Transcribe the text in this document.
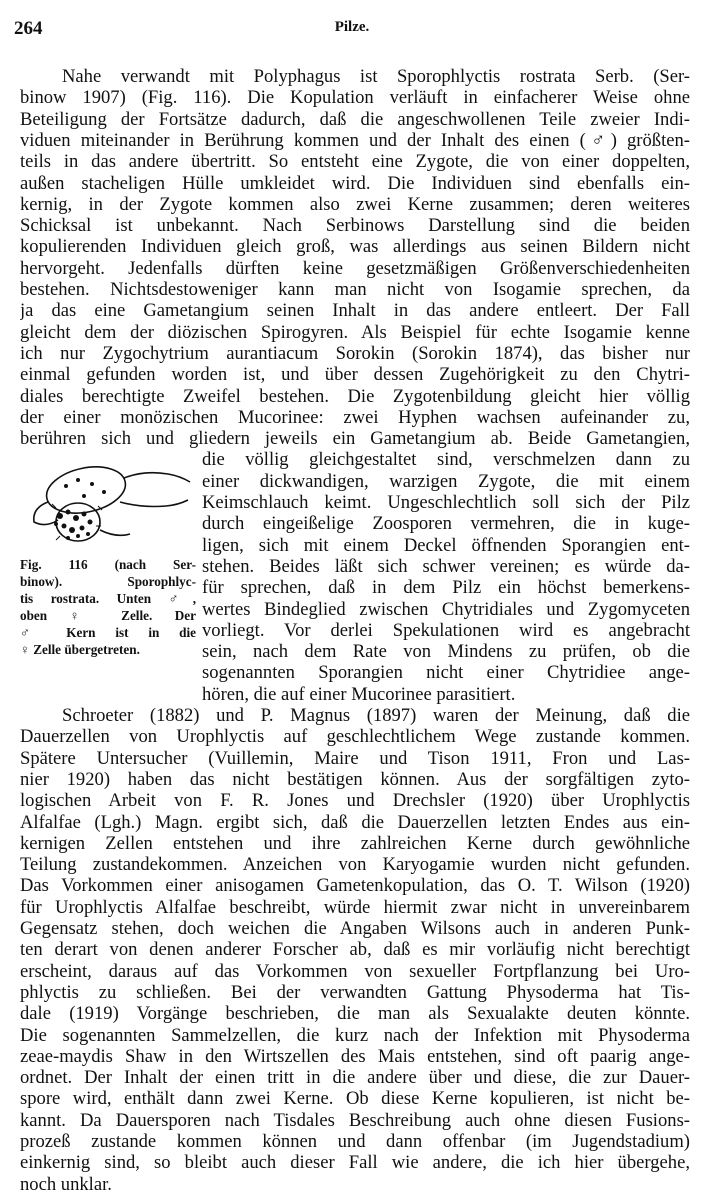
264	Pilze.
Nahe verwandt mit Polyphagus ist Sporophlyctis rostrata Serb. (Ser-
binow 1907) (Fig. 116). Die Kopulation verläuft in einfacherer Weise ohne
Beteiligung der Fortsätze dadurch, daß die angeschwollenen Teile zweier Indi-
viduen miteinander in Berührung kommen und der Inhalt des einen (♂) größten-
teils in das andere übertritt. So entsteht eine Zygote, die von einer doppelten,
außen stacheligen Hülle umkleidet wird. Die Individuen sind ebenfalls ein-
kernig, in der Zygote kommen also zwei Kerne zusammen; deren weiteres
Schicksal ist unbekannt. Nach Serbinows Darstellung sind die beiden
kopulierenden Individuen gleich groß, was allerdings aus seinen Bildern nicht
hervorgeht. Jedenfalls dürften keine gesetzmäßigen Größenverschiedenheiten
bestehen. Nichtsdestoweniger kann man nicht von Isogamie sprechen, da
ja das eine Gametangium seinen Inhalt in das andere entleert. Der Fall
gleicht dem der diözischen Spirogyren. Als Beispiel für echte Isogamie kenne
ich nur Zygochytrium aurantiacum Sorokin (Sorokin 1874), das bisher nur
einmal gefunden worden ist, und über dessen Zugehörigkeit zu den Chytri-
diales berechtigte Zweifel bestehen. Die Zygotenbildung gleicht hier völlig
der einer monözischen Mucorinee: zwei Hyphen wachsen aufeinander zu,
berühren sich und gliedern jeweils ein Gametangium ab. Beide Gametangien,
die völlig gleichgestaltet sind, verschmelzen dann zu
einer dickwandigen, warzigen Zygote, die mit einem
Keimschlauch keimt. Ungeschlechtlich soll sich der Pilz
durch eingeißelige Zoosporen vermehren, die in kuge-
ligen, sich mit einem Deckel öffnenden Sporangien ent-
stehen. Beides läßt sich schwer vereinen; es würde da-
für sprechen, daß in dem Pilz ein höchst bemerkens-
wertes Bindeglied zwischen Chytridiales und Zygomyceten
vorliegt. Vor derlei Spekulationen wird es angebracht
sein, nach dem Rate von Mindens zu prüfen, ob die
sogenannten Sporangien nicht einer Chytridiee ange-
hören, die auf einer Mucorinee parasitiert.
Schroeter (1882) und P. Magnus (1897) waren der Meinung, daß die
Dauerzellen von Urophlyctis auf geschlechtlichem Wege zustande kommen.
Spätere Untersucher (Vuillemin, Maire und Tison 1911, Fron und Las-
nier 1920) haben das nicht bestätigen können. Aus der sorgfältigen zyto-
logischen Arbeit von F. R. Jones und Drechsler (1920) über Urophlyctis
Alfalfae (Lgh.) Magn. ergibt sich, daß die Dauerzellen letzten Endes aus ein-
kernigen Zellen entstehen und ihre zahlreichen Kerne durch gewöhnliche
Teilung zustandekommen. Anzeichen von Karyogamie wurden nicht gefunden.
Das Vorkommen einer anisogamen Gametenkopulation, das O. T. Wilson (1920)
für Urophlyctis Alfalfae beschreibt, würde hiermit zwar nicht in unvereinbarem
Gegensatz stehen, doch weichen die Angaben Wilsons auch in anderen Punk-
ten derart von denen anderer Forscher ab, daß es mir vorläufig nicht berechtigt
erscheint, daraus auf das Vorkommen von sexueller Fortpflanzung bei Uro-
phlyctis zu schließen. Bei der verwandten Gattung Physoderma hat Tis-
dale (1919) Vorgänge beschrieben, die man als Sexualakte deuten könnte.
Die sogenannten Sammelzellen, die kurz nach der Infektion mit Physoderma
zeae-maydis Shaw in den Wirtszellen des Mais entstehen, sind oft paarig ange-
ordnet. Der Inhalt der einen tritt in die andere über und diese, die zur Dauer-
spore wird, enthält dann zwei Kerne. Ob diese Kerne kopulieren, ist nicht be-
kannt. Da Dauersporen nach Tisdales Beschreibung auch ohne diesen Fusions-
prozeß zustande kommen können und dann offenbar (im Jugendstadium)
einkernig sind, so bleibt auch dieser Fall wie andere, die ich hier übergehe,
noch unklar.
Fig. 116 (nach Ser-
binow). Sporophlyc-
tis rostrata. Unten ♂,
oben ♀ Zelle. Der
♂ Kern ist in die
♀ Zelle übergetreten.
